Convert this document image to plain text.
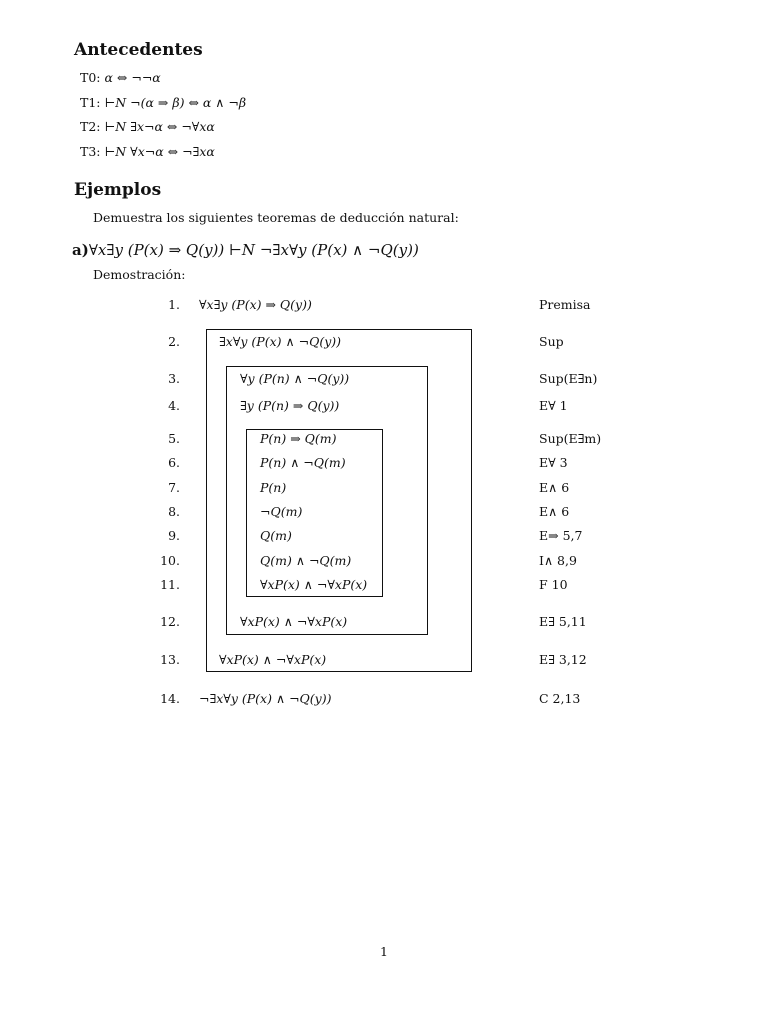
Antecedentes
T0: α ⇔ ¬¬α
T1: ⊢N ¬(α ⇒ β) ⇔ α ∧ ¬β
T2: ⊢N ∃x¬α ⇔ ¬∀xα
T3: ⊢N ∀x¬α ⇔ ¬∃xα
Ejemplos
Demuestra los siguientes teoremas de deducción natural:
a)∀x∃y (P(x) ⇒ Q(y)) ⊢N ¬∃x∀y (P(x) ∧ ¬Q(y))
Demostración:
1. ∀x∃y (P(x) ⇒ Q(y))	Premisa
2.	∃x∀y (P(x) ∧ ¬Q(y))	Sup
3.	∀y (P(n) ∧ ¬Q(y))	Sup(E∃n)
4.	∃y (P(n) ⇒ Q(y))	E∀ 1
5.	P(n) ⇒ Q(m)	Sup(E∃m)
6.	P(n) ∧ ¬Q(m)	E∀ 3
7.	P(n)	E∧ 6
8.	¬Q(m)	E∧ 6
9.	Q(m)	E⇒ 5,7
10.	Q(m) ∧ ¬Q(m)	I∧ 8,9
11.	∀xP(x) ∧ ¬∀xP(x)	F 10
12.	∀xP(x) ∧ ¬∀xP(x)	E∃ 5,11
13.	∀xP(x) ∧ ¬∀xP(x)	E∃ 3,12
14. ¬∃x∀y (P(x) ∧ ¬Q(y))	C 2,13
1
